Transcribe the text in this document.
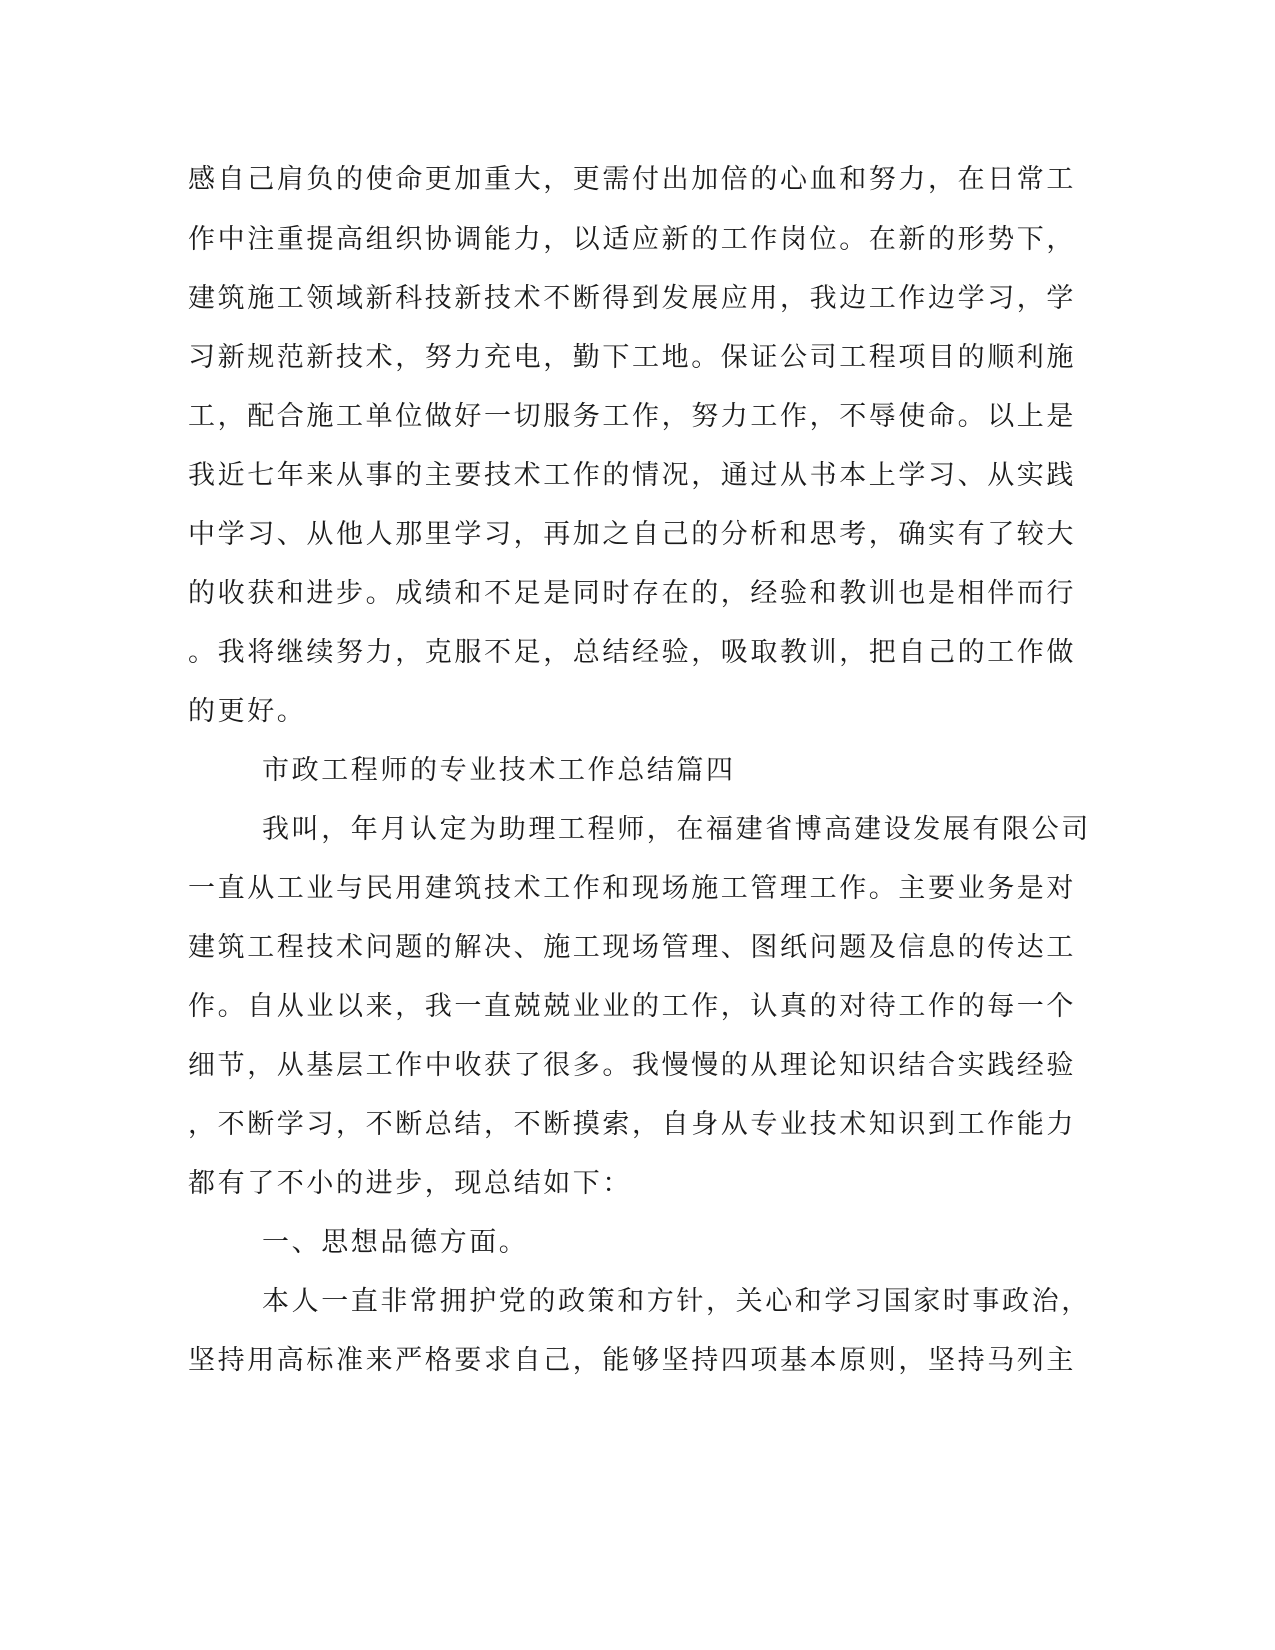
感自己肩负的使命更加重大，更需付出加倍的心血和努力，在日常工
作中注重提高组织协调能力，以适应新的工作岗位。在新的形势下，
建筑施工领域新科技新技术不断得到发展应用，我边工作边学习，学
习新规范新技术，努力充电，勤下工地。保证公司工程项目的顺利施
工，配合施工单位做好一切服务工作，努力工作，不辱使命。以上是
我近七年来从事的主要技术工作的情况，通过从书本上学习、从实践
中学习、从他人那里学习，再加之自己的分析和思考，确实有了较大
的收获和进步。成绩和不足是同时存在的，经验和教训也是相伴而行
。我将继续努力，克服不足，总结经验，吸取教训，把自己的工作做
的更好。
市政工程师的专业技术工作总结篇四
我叫，年月认定为助理工程师，在福建省博高建设发展有限公司
一直从工业与民用建筑技术工作和现场施工管理工作。主要业务是对
建筑工程技术问题的解决、施工现场管理、图纸问题及信息的传达工
作。自从业以来，我一直兢兢业业的工作，认真的对待工作的每一个
细节，从基层工作中收获了很多。我慢慢的从理论知识结合实践经验
，不断学习，不断总结，不断摸索，自身从专业技术知识到工作能力
都有了不小的进步，现总结如下：
一、思想品德方面。
本人一直非常拥护党的政策和方针，关心和学习国家时事政治，
坚持用高标准来严格要求自己，能够坚持四项基本原则，坚持马列主
